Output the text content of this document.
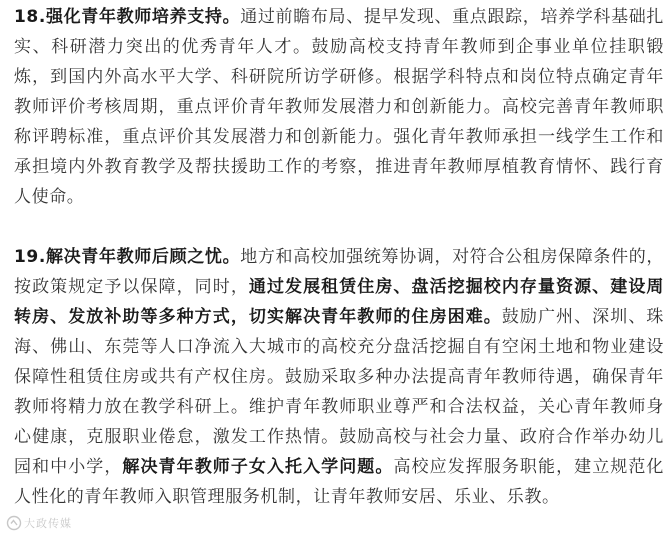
18.强化青年教师培养支持。通过前瞻布局、提早发现、重点跟踪，培养学科基础扎实、科研潜力突出的优秀青年人才。鼓励高校支持青年教师到企事业单位挂职锻炼，到国内外高水平大学、科研院所访学研修。根据学科特点和岗位特点确定青年教师评价考核周期，重点评价青年教师发展潜力和创新能力。高校完善青年教师职称评聘标准，重点评价其发展潜力和创新能力。强化青年教师承担一线学生工作和承担境内外教育教学及帮扶援助工作的考察，推进青年教师厚植教育情怀、践行育人使命。

19.解决青年教师后顾之忧。地方和高校加强统筹协调，对符合公租房保障条件的，按政策规定予以保障，同时，通过发展租赁住房、盘活挖掘校内存量资源、建设周转房、发放补助等多种方式，切实解决青年教师的住房困难。鼓励广州、深圳、珠海、佛山、东莞等人口净流入大城市的高校充分盘活挖掘自有空闲土地和物业建设保障性租赁住房或共有产权住房。鼓励采取多种办法提高青年教师待遇，确保青年教师将精力放在教学科研上。维护青年教师职业尊严和合法权益，关心青年教师身心健康，克服职业倦怠，激发工作热情。鼓励高校与社会力量、政府合作举办幼儿园和中小学，解决青年教师子女入托入学问题。高校应发挥服务职能，建立规范化人性化的青年教师入职管理服务机制，让青年教师安居、乐业、乐教。

大政传媒
